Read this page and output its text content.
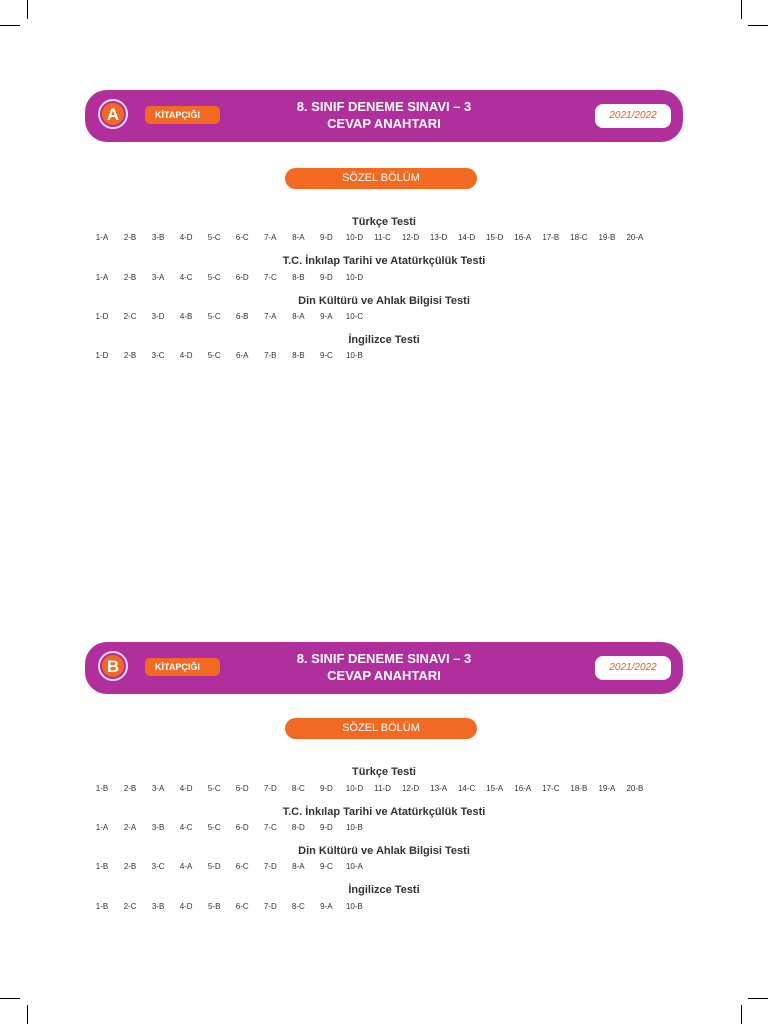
A	KİTAPÇIĞI
8. SINIF DENEME SINAVI – 3
CEVAP ANAHTARI
2021/2022
SÖZEL BÖLÜM
Türkçe Testi
1-A	2-B	3-B	4-D	5-C	6-C	7-A	8-A	9-D	10-D	11-C	12-D	13-D	14-D	15-D	16-A	17-B	18-C	19-B	20-A
T.C. İnkılap Tarihi ve Atatürkçülük Testi
1-A	2-B	3-A	4-C	5-C	6-D	7-C	8-B	9-D	10-D
Din Kültürü ve Ahlak Bilgisi Testi
1-D	2-C	3-D	4-B	5-C	6-B	7-A	8-A	9-A	10-C
İngilizce Testi
1-D	2-B	3-C	4-D	5-C	6-A	7-B	8-B	9-C	10-B
B	KİTAPÇIĞI
8. SINIF DENEME SINAVI – 3
CEVAP ANAHTARI
2021/2022
SÖZEL BÖLÜM
Türkçe Testi
1-B	2-B	3-A	4-D	5-C	6-D	7-D	8-C	9-D	10-D	11-D	12-D	13-A	14-C	15-A	16-A	17-C	18-B	19-A	20-B
T.C. İnkılap Tarihi ve Atatürkçülük Testi
1-A	2-A	3-B	4-C	5-C	6-D	7-C	8-D	9-D	10-B
Din Kültürü ve Ahlak Bilgisi Testi
1-B	2-B	3-C	4-A	5-D	6-C	7-D	8-A	9-C	10-A
İngilizce Testi
1-B	2-C	3-B	4-D	5-B	6-C	7-D	8-C	9-A	10-B
